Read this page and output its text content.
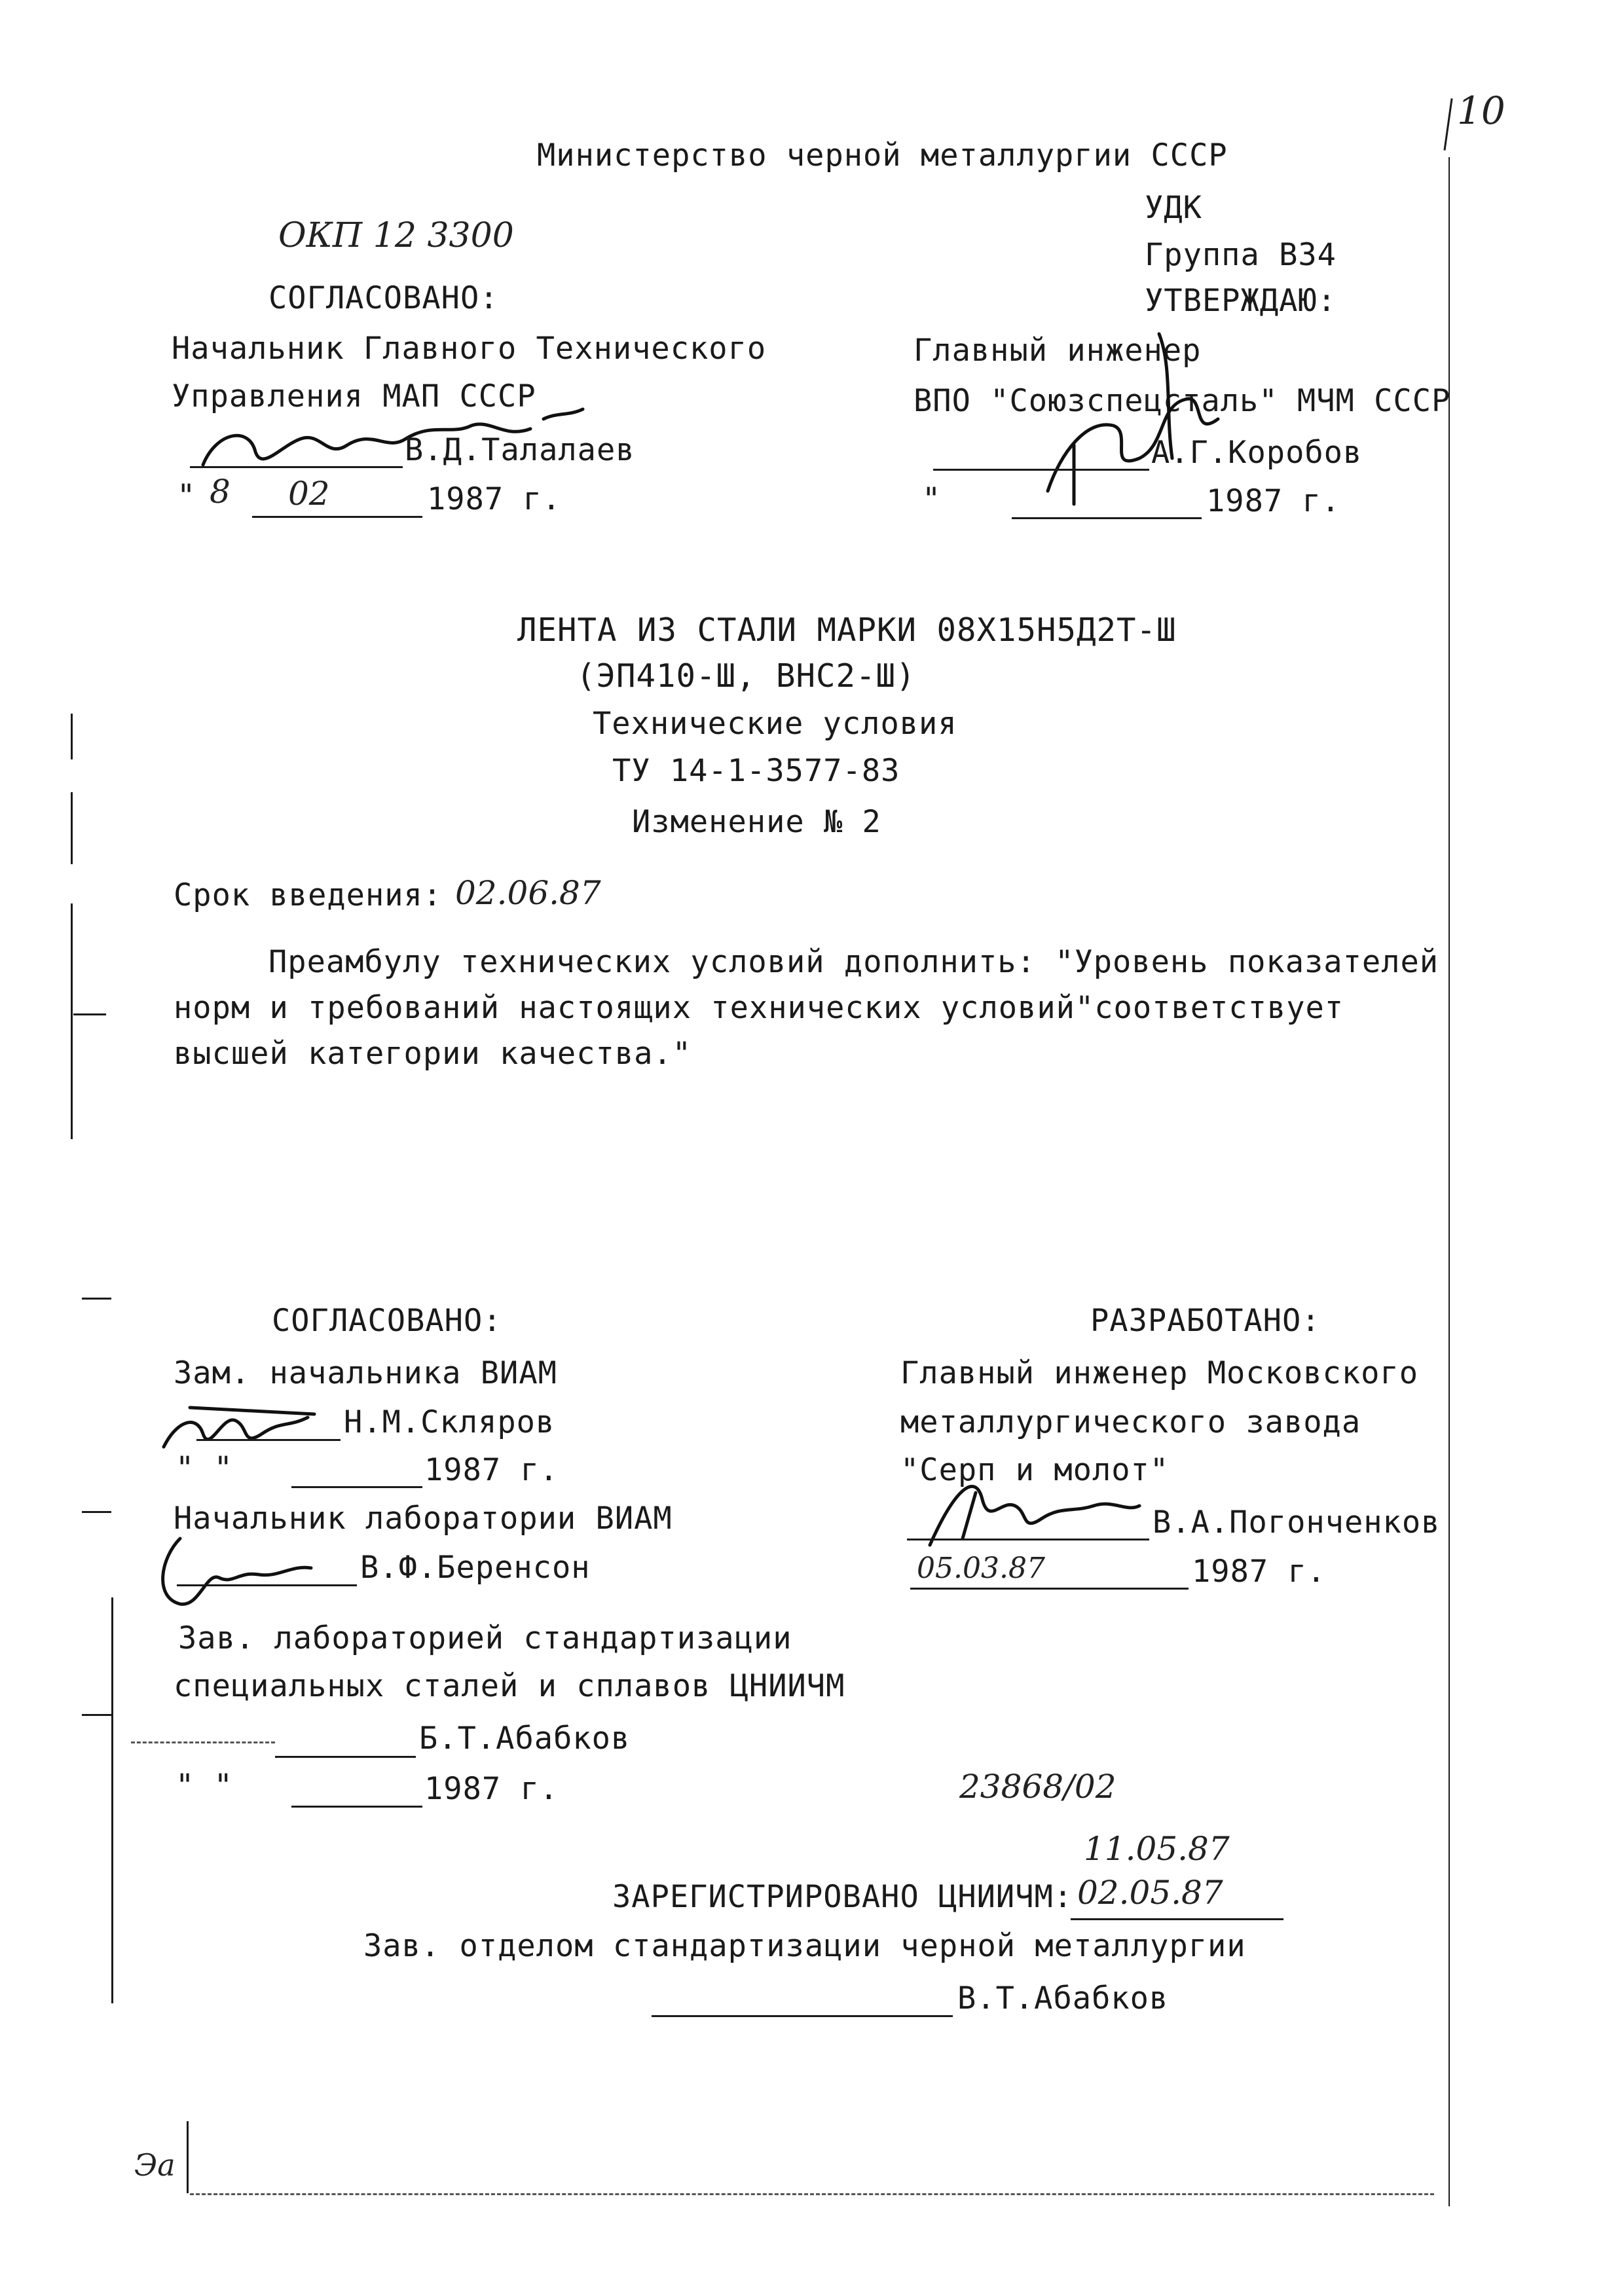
10
Министерство черной металлургии СССР
ОКП 12 3300
УДК
Группа В34
СОГЛАСОВАНО:
Начальник Главного Технического
Управления МАП СССР
В.Д.Талалаев
" 8 02	1987 г.
УТВЕРЖДАЮ:
Главный инженер
ВПО "Союзспецсталь" МЧМ СССР
А.Г.Коробов
"	1987 г.
ЛЕНТА ИЗ СТАЛИ МАРКИ 08Х15Н5Д2Т-Ш
(ЭП410-Ш, ВНС2-Ш)
Технические условия
ТУ 14-1-3577-83
Изменение № 2
Срок введения: 02.06.87
Преамбулу технических условий дополнить: "Уровень показателей
норм и требований настоящих технических условий"соответствует
высшей категории качества."
СОГЛАСОВАНО:
Зам. начальника ВИАМ
Н.М.Скляров
" "	1987 г.
Начальник лаборатории ВИАМ
В.Ф.Беренсон
Зав. лабораторией стандартизации
специальных сталей и сплавов ЦНИИЧМ
Б.Т.Абабков
" "	1987 г.
РАЗРАБОТАНО:
Главный инженер Московского
металлургического завода
"Серп и молот"
В.А.Погонченков
05.03.87	1987 г.
23868/02
11.05.87
ЗАРЕГИСТРИРОВАНО ЦНИИЧМ: 02.05.87
Зав. отделом стандартизации черной металлургии
В.Т.Абабков
Эа
